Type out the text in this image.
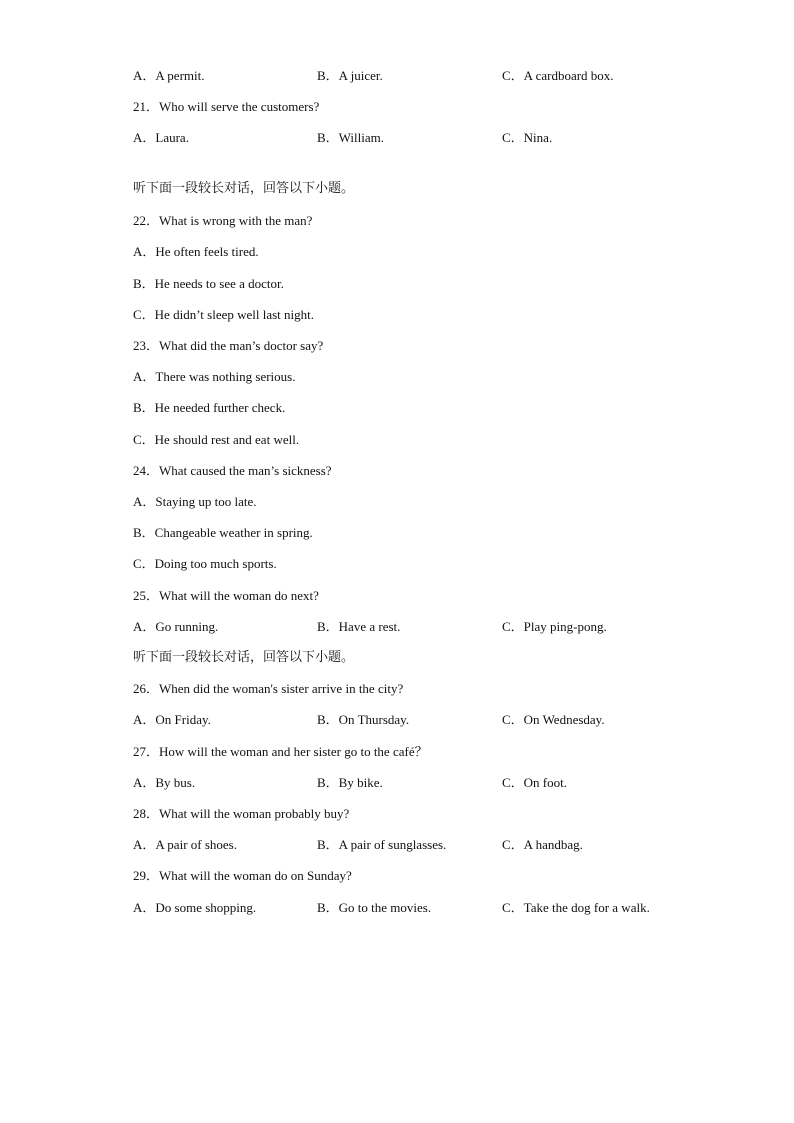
A．A permit.	B．A juicer.	C．A cardboard box.
21．Who will serve the customers?
A．Laura.	B．William.	C．Nina.
听下面一段较长对话，回答以下小题。
22．What is wrong with the man?
A．He often feels tired.
B．He needs to see a doctor.
C．He didn’t sleep well last night.
23．What did the man’s doctor say?
A．There was nothing serious.
B．He needed further check.
C．He should rest and eat well.
24．What caused the man’s sickness?
A．Staying up too late.
B．Changeable weather in spring.
C．Doing too much sports.
25．What will the woman do next?
A．Go running.	B．Have a rest.	C．Play ping-pong.
听下面一段较长对话，回答以下小题。
26．When did the woman's sister arrive in the city?
A．On Friday.	B．On Thursday.	C．On Wednesday.
27．How will the woman and her sister go to the café？
A．By bus.	B．By bike.	C．On foot.
28．What will the woman probably buy?
A．A pair of shoes.	B．A pair of sunglasses.	C．A handbag.
29．What will the woman do on Sunday?
A．Do some shopping.	B．Go to the movies.	C．Take the dog for a walk.
